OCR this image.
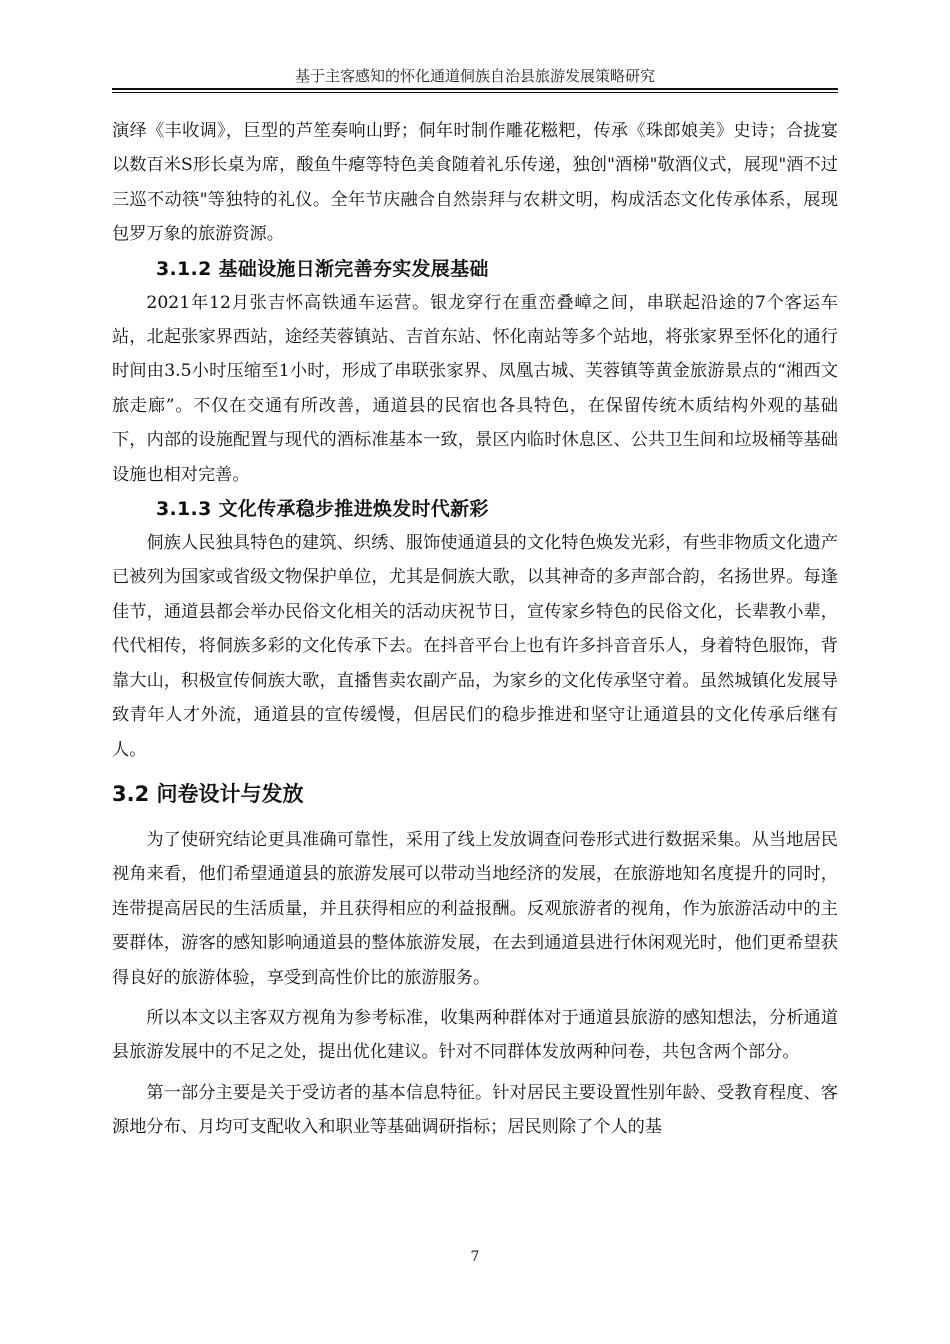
基于主客感知的怀化通道侗族自治县旅游发展策略研究

演绎《丰收调》，巨型的芦笙奏响山野；侗年时制作雕花糍粑，传承《珠郎娘美》史诗；合拢宴以数百米S形长桌为席，酸鱼牛瘪等特色美食随着礼乐传递，独创"酒梯"敬酒仪式，展现"酒不过三巡不动筷"等独特的礼仪。全年节庆融合自然崇拜与农耕文明，构成活态文化传承体系，展现包罗万象的旅游资源。

3.1.2 基础设施日渐完善夯实发展基础

2021年12月张吉怀高铁通车运营。银龙穿行在重峦叠嶂之间，串联起沿途的7个客运车站，北起张家界西站，途经芙蓉镇站、吉首东站、怀化南站等多个站地，将张家界至怀化的通行时间由3.5小时压缩至1小时，形成了串联张家界、凤凰古城、芙蓉镇等黄金旅游景点的“湘西文旅走廊”。不仅在交通有所改善，通道县的民宿也各具特色，在保留传统木质结构外观的基础下，内部的设施配置与现代的酒标准基本一致，景区内临时休息区、公共卫生间和垃圾桶等基础设施也相对完善。

3.1.3 文化传承稳步推进焕发时代新彩

侗族人民独具特色的建筑、织绣、服饰使通道县的文化特色焕发光彩，有些非物质文化遗产已被列为国家或省级文物保护单位，尤其是侗族大歌，以其神奇的多声部合韵，名扬世界。每逢佳节，通道县都会举办民俗文化相关的活动庆祝节日，宣传家乡特色的民俗文化，长辈教小辈，代代相传，将侗族多彩的文化传承下去。在抖音平台上也有许多抖音音乐人，身着特色服饰，背靠大山，积极宣传侗族大歌，直播售卖农副产品，为家乡的文化传承坚守着。虽然城镇化发展导致青年人才外流，通道县的宣传缓慢，但居民们的稳步推进和坚守让通道县的文化传承后继有人。

3.2 问卷设计与发放

为了使研究结论更具准确可靠性，采用了线上发放调查问卷形式进行数据采集。从当地居民视角来看，他们希望通道县的旅游发展可以带动当地经济的发展，在旅游地知名度提升的同时，连带提高居民的生活质量，并且获得相应的利益报酬。反观旅游者的视角，作为旅游活动中的主要群体，游客的感知影响通道县的整体旅游发展，在去到通道县进行休闲观光时，他们更希望获得良好的旅游体验，享受到高性价比的旅游服务。

所以本文以主客双方视角为参考标准，收集两种群体对于通道县旅游的感知想法，分析通道县旅游发展中的不足之处，提出优化建议。针对不同群体发放两种问卷，共包含两个部分。

第一部分主要是关于受访者的基本信息特征。针对居民主要设置性别年龄、受教育程度、客源地分布、月均可支配收入和职业等基础调研指标；居民则除了个人的基

7
